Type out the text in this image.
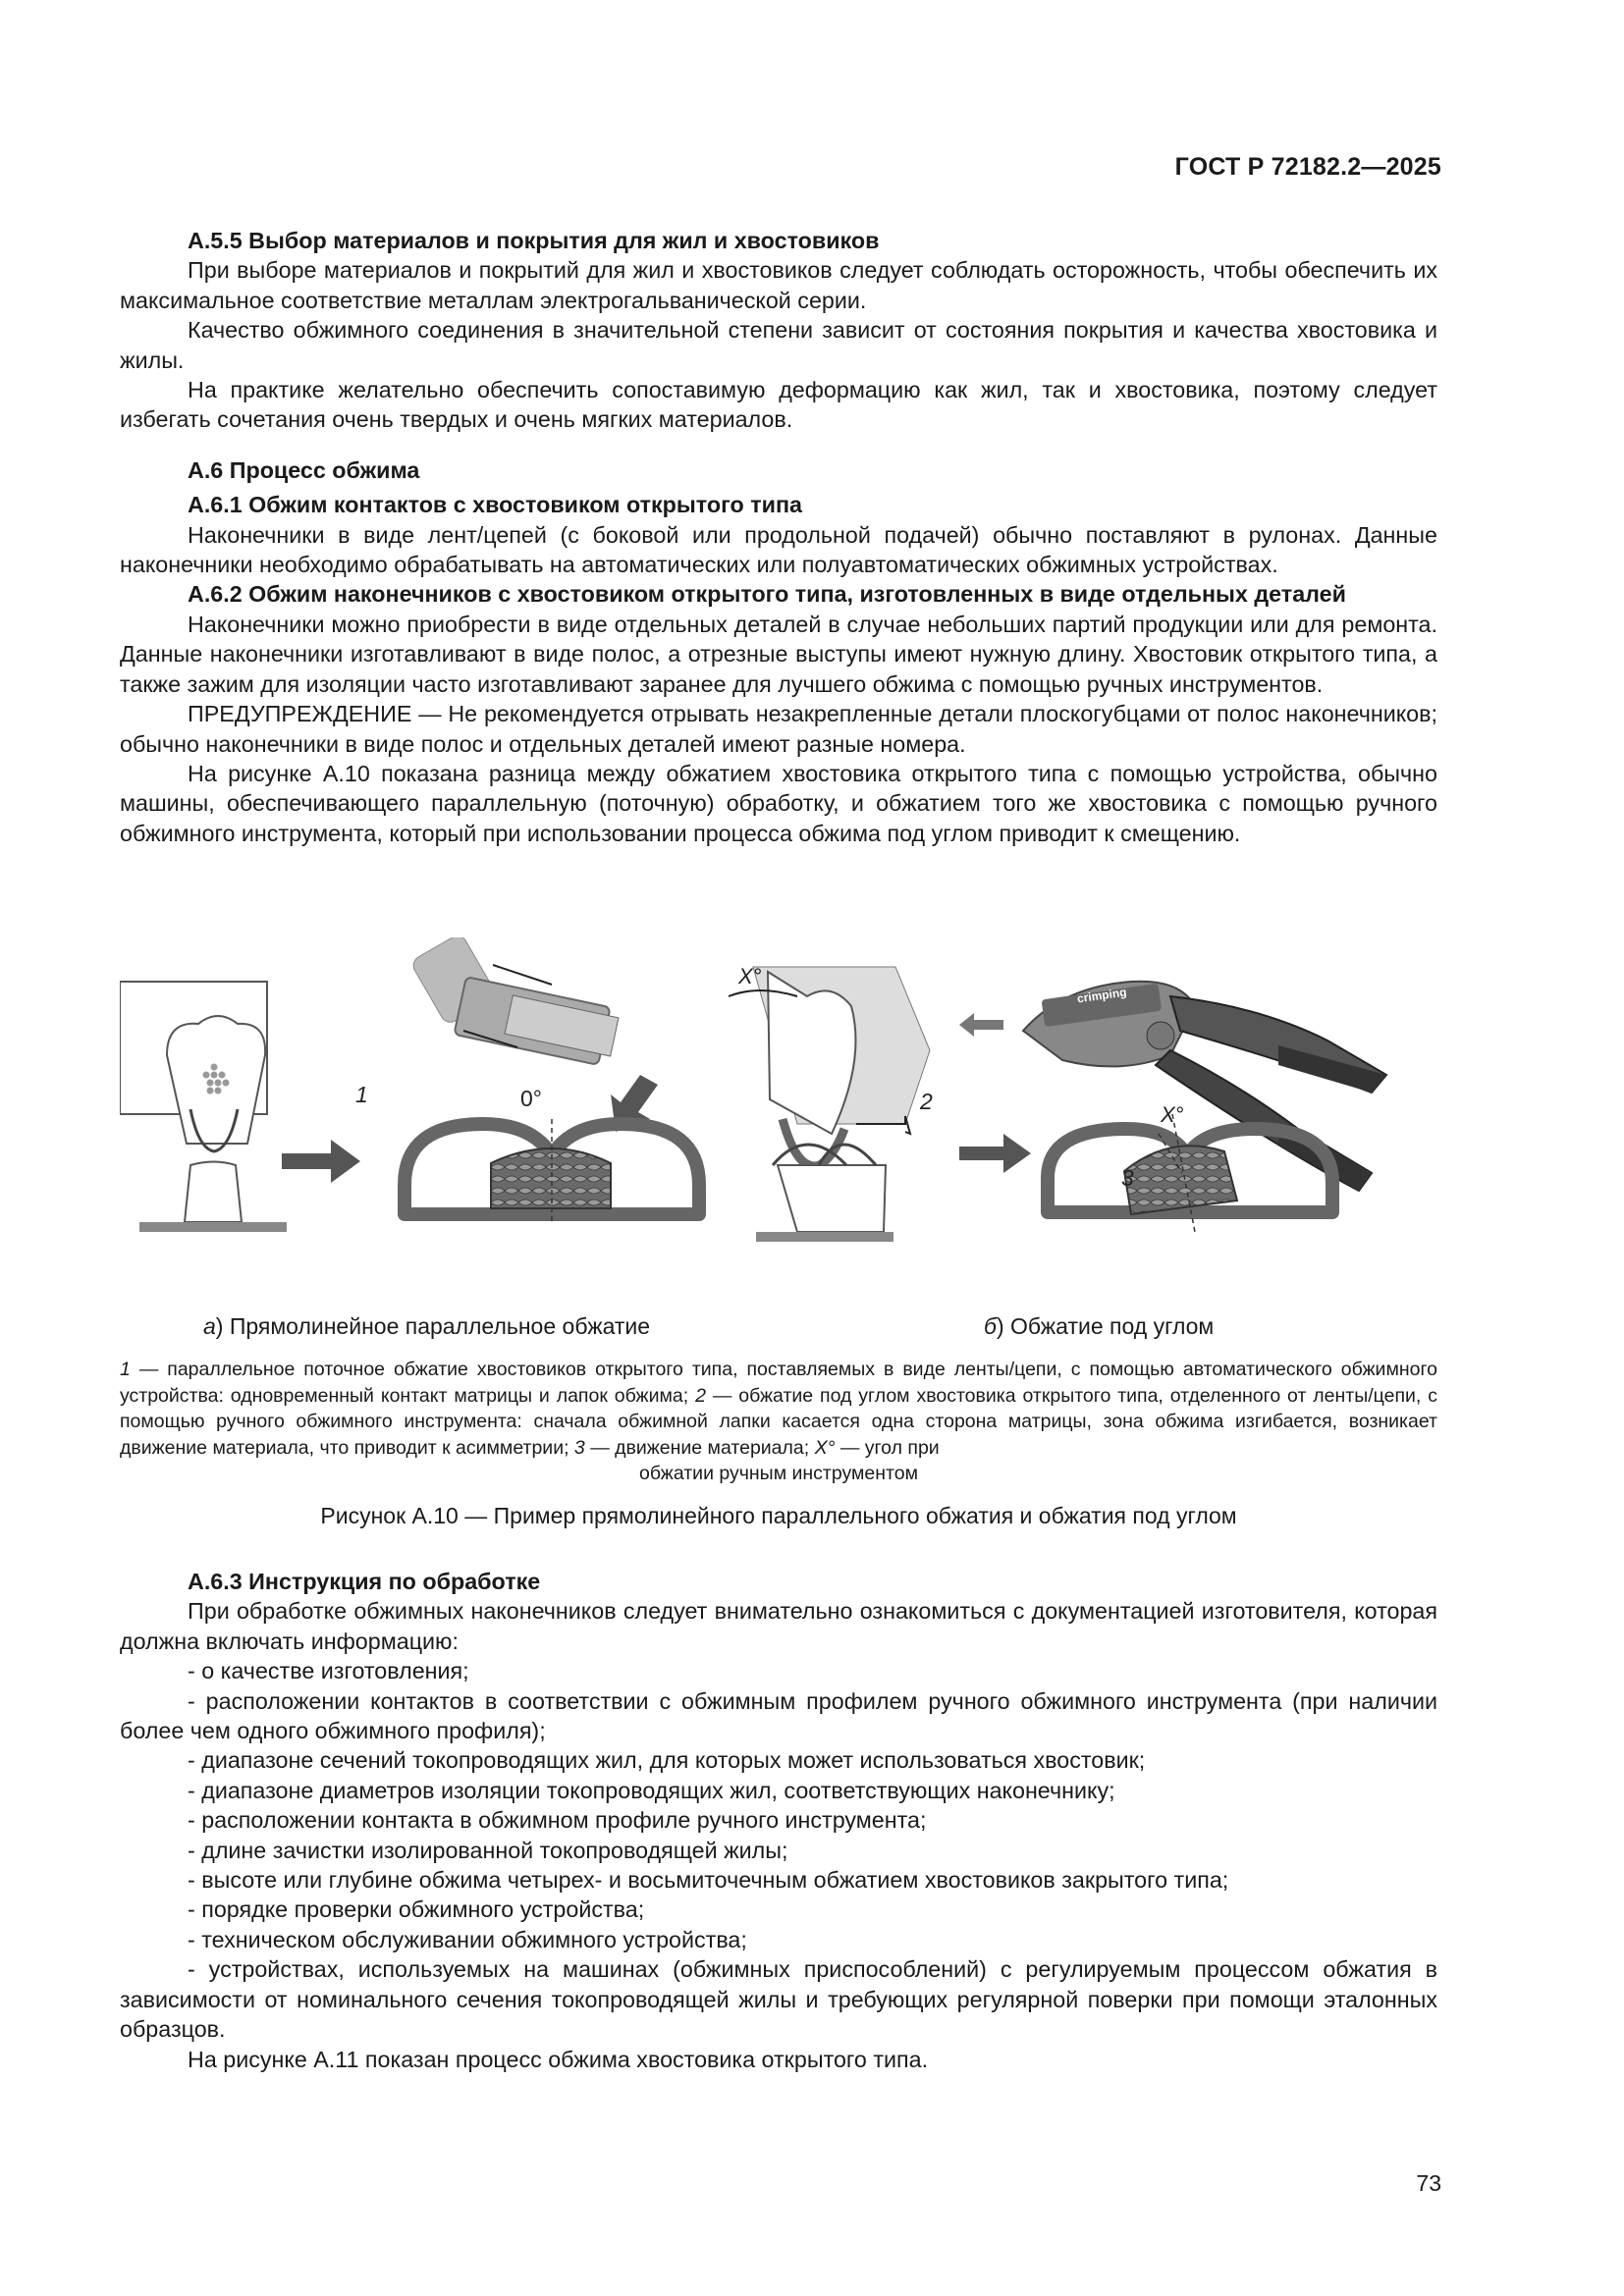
ГОСТ Р 72182.2—2025

А.5.5 Выбор материалов и покрытия для жил и хвостовиков

При выборе материалов и покрытий для жил и хвостовиков следует соблюдать осторожность, чтобы обеспечить их максимальное соответствие металлам электрогальванической серии.

Качество обжимного соединения в значительной степени зависит от состояния покрытия и качества хвостовика и жилы.

На практике желательно обеспечить сопоставимую деформацию как жил, так и хвостовика, поэтому следует избегать сочетания очень твердых и очень мягких материалов.

А.6 Процесс обжима

А.6.1 Обжим контактов с хвостовиком открытого типа

Наконечники в виде лент/цепей (с боковой или продольной подачей) обычно поставляют в рулонах. Данные наконечники необходимо обрабатывать на автоматических или полуавтоматических обжимных устройствах.

А.6.2 Обжим наконечников с хвостовиком открытого типа, изготовленных в виде отдельных деталей

Наконечники можно приобрести в виде отдельных деталей в случае небольших партий продукции или для ремонта. Данные наконечники изготавливают в виде полос, а отрезные выступы имеют нужную длину. Хвостовик открытого типа, а также зажим для изоляции часто изготавливают заранее для лучшего обжима с помощью ручных инструментов.

ПРЕДУПРЕЖДЕНИЕ — Не рекомендуется отрывать незакрепленные детали плоскогубцами от полос наконечников; обычно наконечники в виде полос и отдельных деталей имеют разные номера.

На рисунке А.10 показана разница между обжатием хвостовика открытого типа с помощью устройства, обычно машины, обеспечивающего параллельную (поточную) обработку, и обжатием того же хвостовика с помощью ручного обжимного инструмента, который при использовании процесса обжима под углом приводит к смещению.

1	0°
X°
2
crimping
X°
3
а) Прямолинейное параллельное обжатие	б) Обжатие под углом
1 — параллельное поточное обжатие хвостовиков открытого типа, поставляемых в виде ленты/цепи, с помощью автоматического обжимного устройства: одновременный контакт матрицы и лапок обжима; 2 — обжатие под углом хвостовика открытого типа, отделенного от ленты/цепи, с помощью ручного обжимного инструмента: сначала обжимной лапки касается одна сторона матрицы, зона обжима изгибается, возникает движение материала, что приводит к асимметрии; 3 — движение материала; X° — угол при
обжатии ручным инструментом
Рисунок А.10 — Пример прямолинейного параллельного обжатия и обжатия под углом

А.6.3 Инструкция по обработке

При обработке обжимных наконечников следует внимательно ознакомиться с документацией изготовителя, которая должна включать информацию:

- о качестве изготовления;

- расположении контактов в соответствии с обжимным профилем ручного обжимного инструмента (при наличии более чем одного обжимного профиля);

- диапазоне сечений токопроводящих жил, для которых может использоваться хвостовик;

- диапазоне диаметров изоляции токопроводящих жил, соответствующих наконечнику;

- расположении контакта в обжимном профиле ручного инструмента;

- длине зачистки изолированной токопроводящей жилы;

- высоте или глубине обжима четырех- и восьмиточечным обжатием хвостовиков закрытого типа;

- порядке проверки обжимного устройства;

- техническом обслуживании обжимного устройства;

- устройствах, используемых на машинах (обжимных приспособлений) с регулируемым процессом обжатия в зависимости от номинального сечения токопроводящей жилы и требующих регулярной поверки при помощи эталонных образцов.

На рисунке А.11 показан процесс обжима хвостовика открытого типа.

73
